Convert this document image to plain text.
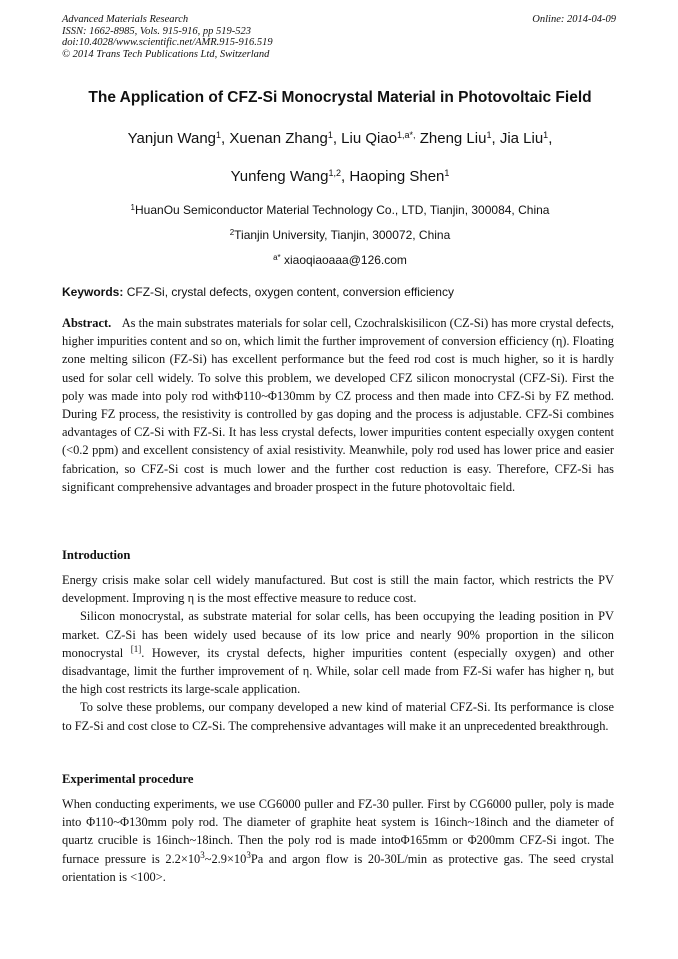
Advanced Materials Research
ISSN: 1662-8985, Vols. 915-916, pp 519-523
doi:10.4028/www.scientific.net/AMR.915-916.519
© 2014 Trans Tech Publications Ltd, Switzerland
Online: 2014-04-09
The Application of CFZ-Si Monocrystal Material in Photovoltaic Field
Yanjun Wang$^1$, Xuenan Zhang$^1$, Liu Qiao$^{1,a*,}$ Zheng Liu$^1$, Jia Liu$^1$,
Yunfeng Wang$^{1,2}$, Haoping Shen$^1$
$^1$HuanOu Semiconductor Material Technology Co., LTD, Tianjin, 300084, China
$^2$Tianjin University, Tianjin, 300072, China
$^{a*}$ xiaoqiaoaaa@126.com
Keywords: CFZ-Si, crystal defects, oxygen content, conversion efficiency

Abstract. As the main substrates materials for solar cell, Czochralskisilicon (CZ-Si) has more crystal defects, higher impurities content and so on, which limit the further improvement of conversion efficiency (η). Floating zone melting silicon (FZ-Si) has excellent performance but the feed rod cost is much higher, so it is hardly used for solar cell widely. To solve this problem, we developed CFZ silicon monocrystal (CFZ-Si). First the poly was made into poly rod withΦ110~Φ130mm by CZ process and then made into CFZ-Si by FZ method. During FZ process, the resistivity is controlled by gas doping and the process is adjustable. CFZ-Si combines advantages of CZ-Si with FZ-Si. It has less crystal defects, lower impurities content especially oxygen content (<0.2 ppm) and excellent consistency of axial resistivity. Meanwhile, poly rod used has lower price and easier fabrication, so CFZ-Si cost is much lower and the further cost reduction is easy. Therefore, CFZ-Si has significant comprehensive advantages and broader prospect in the future photovoltaic field.

Introduction

Energy crisis make solar cell widely manufactured. But cost is still the main factor, which restricts the PV development. Improving η is the most effective measure to reduce cost.

Silicon monocrystal, as substrate material for solar cells, has been occupying the leading position in PV market. CZ-Si has been widely used because of its low price and nearly 90% proportion in the silicon monocrystal [1]. However, its crystal defects, higher impurities content (especially oxygen) and other disadvantage, limit the further improvement of η. While, solar cell made from FZ-Si wafer has higher η, but the high cost restricts its large-scale application.

To solve these problems, our company developed a new kind of material CFZ-Si. Its performance is close to FZ-Si and cost close to CZ-Si. The comprehensive advantages will make it an unprecedented breakthrough.

Experimental procedure

When conducting experiments, we use CG6000 puller and FZ-30 puller. First by CG6000 puller, poly is made into Φ110~Φ130mm poly rod. The diameter of graphite heat system is 16inch~18inch and the diameter of quartz crucible is 16inch~18inch. Then the poly rod is made intoΦ165mm or Φ200mm CFZ-Si ingot. The furnace pressure is $2.2\times 10^3\sim 2.9\times 10^3Pa$ and argon flow is 20-30L/min as protective gas. The seed crystal orientation is <100>.
